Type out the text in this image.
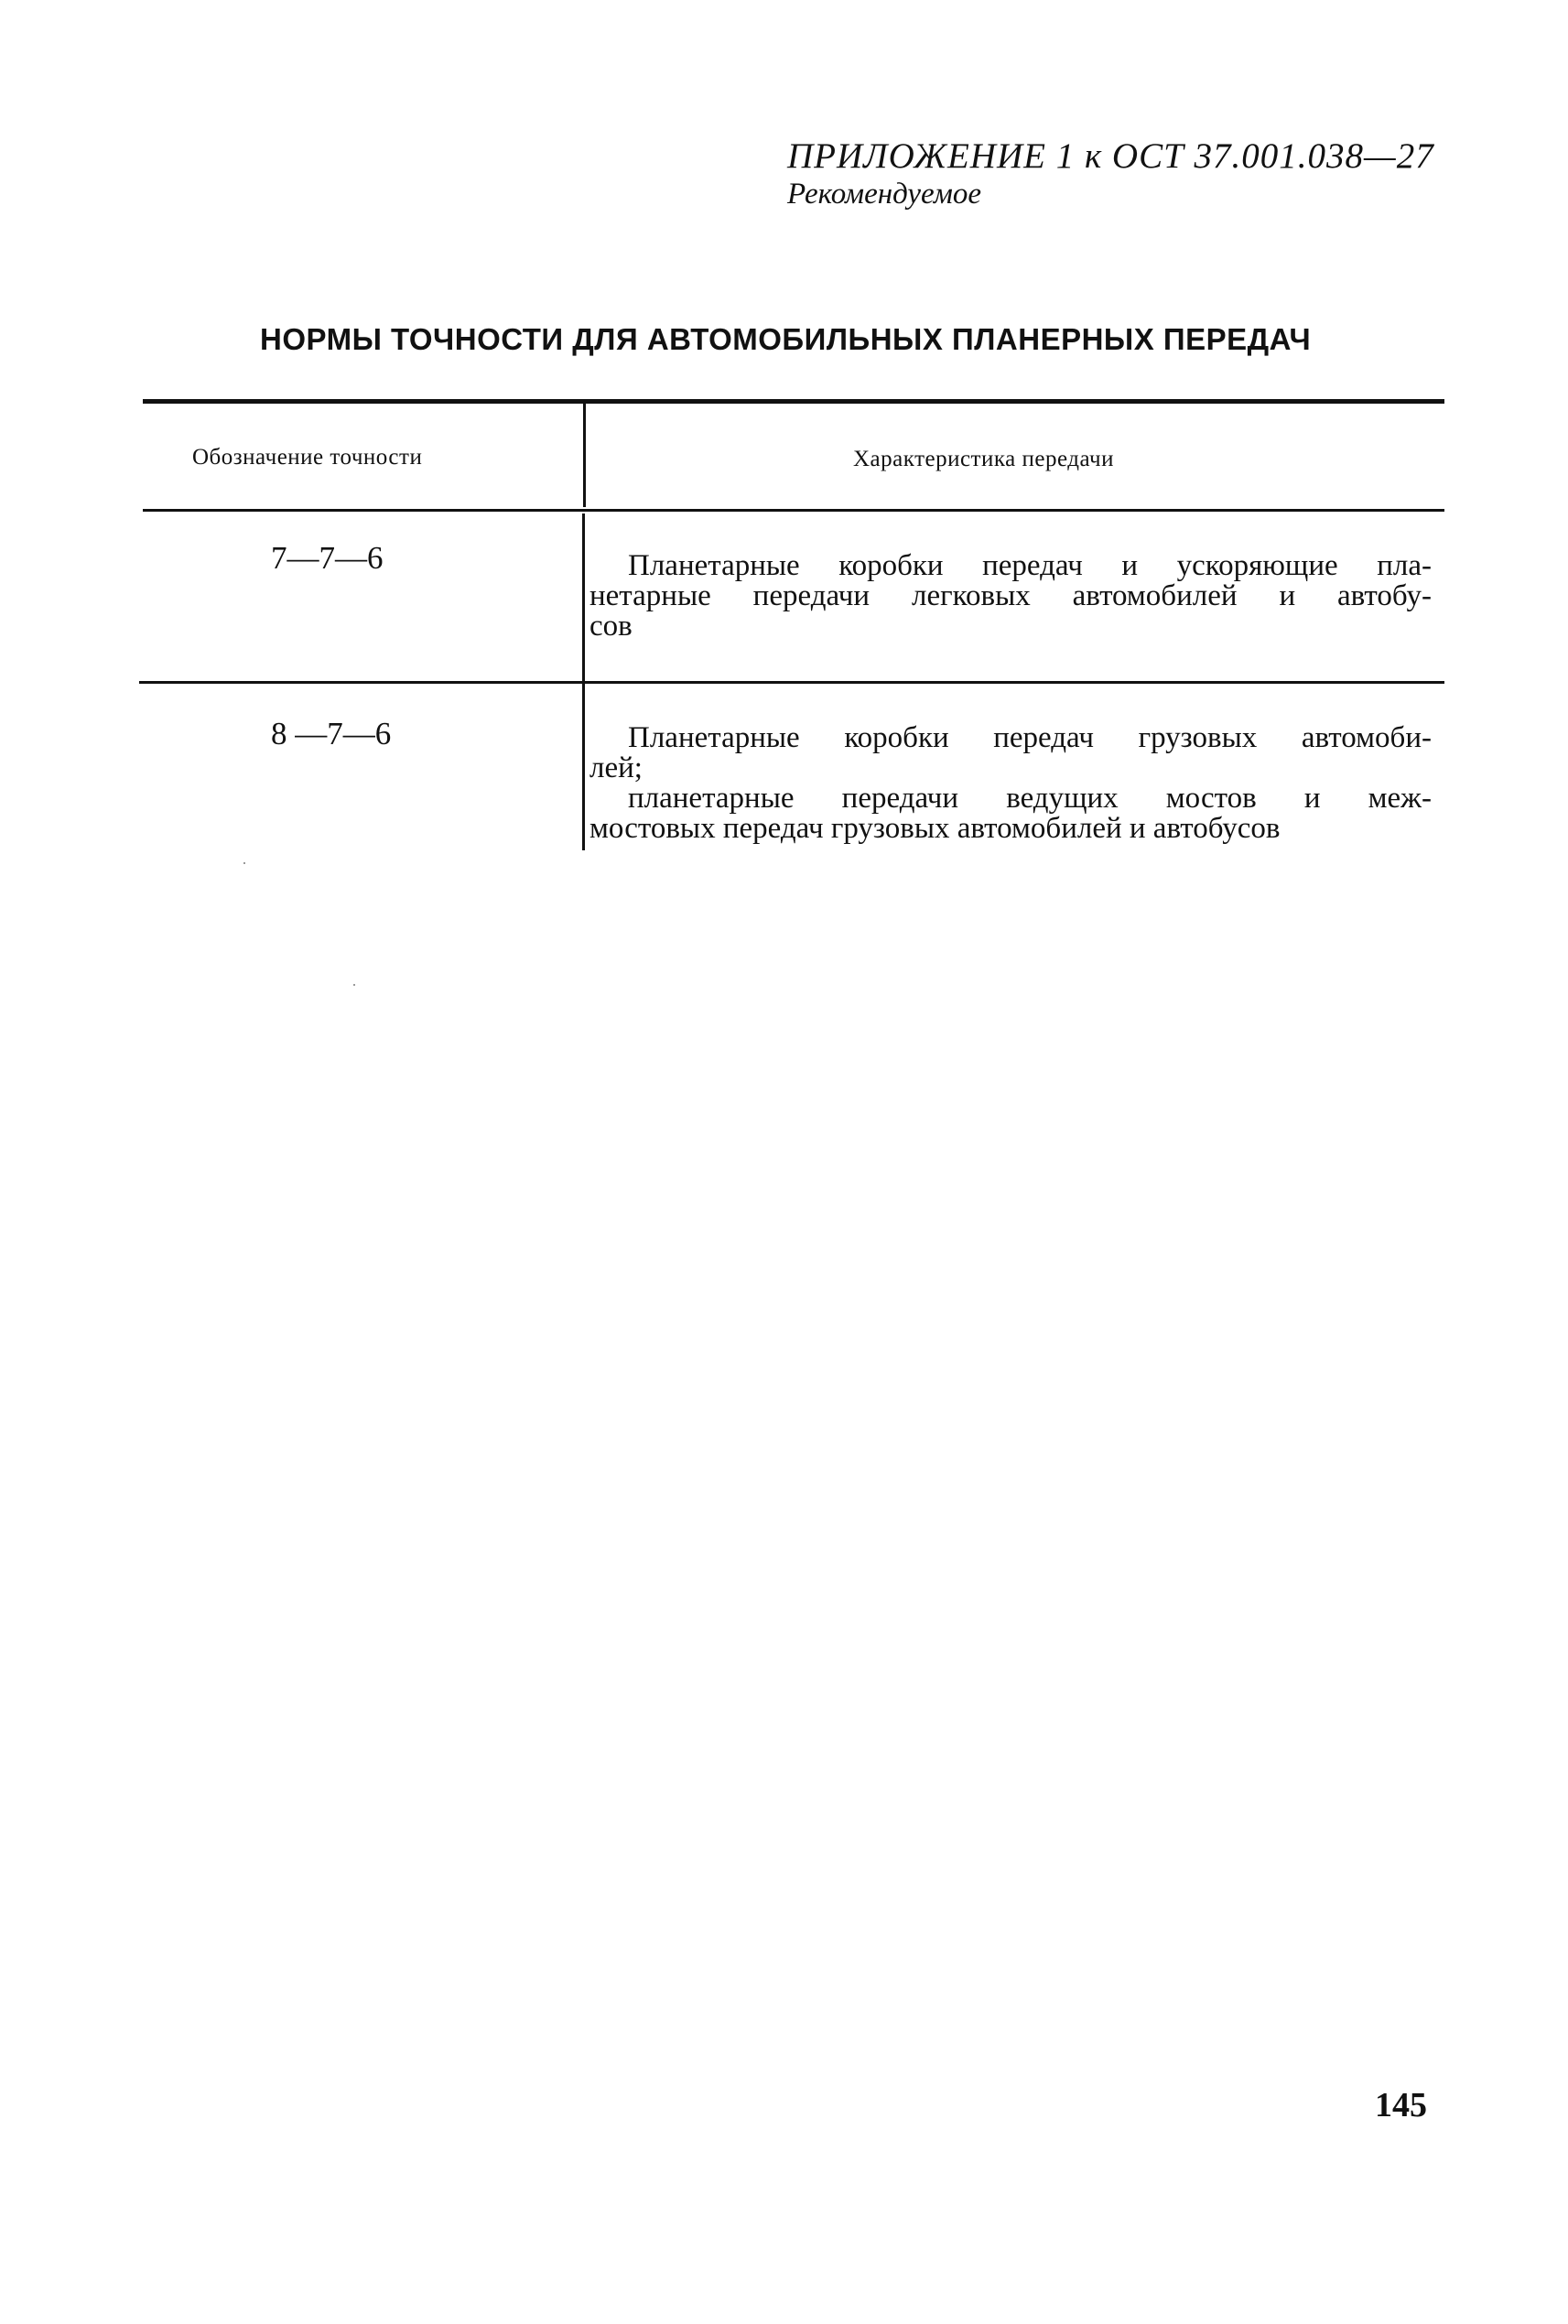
ПРИЛОЖЕНИЕ 1 к ОСТ 37.001.038—27
Рекомендуемое
НОРМЫ ТОЧНОСТИ ДЛЯ АВТОМОБИЛЬНЫХ ПЛАНЕРНЫХ ПЕРЕДАЧ
Обозначение точности	Характеристика передачи
7—7—6	Планетарные коробки передач и ускоряющие пла-
нетарные передачи легковых автомобилей и автобу-
сов
8 —7—6	Планетарные коробки передач грузовых автомоби-
лей;
планетарные передачи ведущих мостов и меж-
мостовых передач грузовых автомобилей и автобусов
145
